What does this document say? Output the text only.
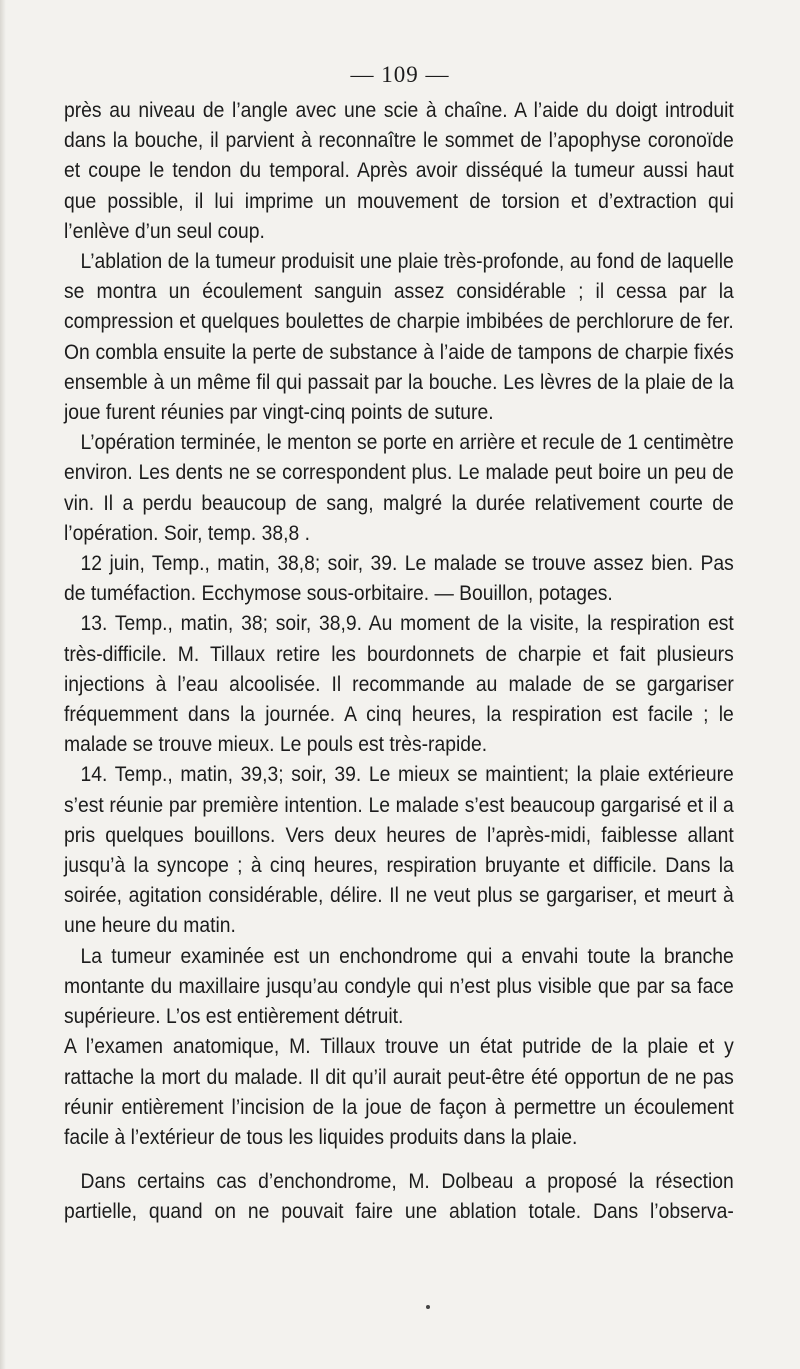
— 109 —

près au niveau de l’angle avec une scie à chaîne. A l’aide du doigt introduit dans la bouche, il parvient à reconnaître le sommet de l’apophyse coronoïde et coupe le tendon du temporal. Après avoir disséqué la tumeur aussi haut que possible, il lui imprime un mouvement de torsion et d’extraction qui l’enlève d’un seul coup.

L’ablation de la tumeur produisit une plaie très-profonde, au fond de laquelle se montra un écoulement sanguin assez considérable ; il cessa par la compression et quelques boulettes de charpie imbibées de perchlorure de fer. On combla ensuite la perte de substance à l’aide de tampons de charpie fixés ensemble à un même fil qui passait par la bouche. Les lèvres de la plaie de la joue furent réunies par vingt-cinq points de suture.

L’opération terminée, le menton se porte en arrière et recule de 1 centimètre environ. Les dents ne se correspondent plus. Le malade peut boire un peu de vin. Il a perdu beaucoup de sang, malgré la durée relativement courte de l’opération. Soir, temp. 38,8 .

12 juin, Temp., matin, 38,8; soir, 39. Le malade se trouve assez bien. Pas de tuméfaction. Ecchymose sous-orbitaire. — Bouillon, potages.

13. Temp., matin, 38; soir, 38,9. Au moment de la visite, la respiration est très-difficile. M. Tillaux retire les bourdonnets de charpie et fait plusieurs injections à l’eau alcoolisée. Il recommande au malade de se gargariser fréquemment dans la journée. A cinq heures, la respiration est facile ; le malade se trouve mieux. Le pouls est très-rapide.

14. Temp., matin, 39,3; soir, 39. Le mieux se maintient; la plaie extérieure s’est réunie par première intention. Le malade s’est beaucoup gargarisé et il a pris quelques bouillons. Vers deux heures de l’après-midi, faiblesse allant jusqu’à la syncope ; à cinq heures, respiration bruyante et difficile. Dans la soirée, agitation considérable, délire. Il ne veut plus se gargariser, et meurt à une heure du matin.

La tumeur examinée est un enchondrome qui a envahi toute la branche montante du maxillaire jusqu’au condyle qui n’est plus visible que par sa face supérieure. L’os est entièrement détruit.

A l’examen anatomique, M. Tillaux trouve un état putride de la plaie et y rattache la mort du malade. Il dit qu’il aurait peut-être été opportun de ne pas réunir entièrement l’incision de la joue de façon à permettre un écoulement facile à l’extérieur de tous les liquides produits dans la plaie.

Dans certains cas d’enchondrome, M. Dolbeau a proposé la résection partielle, quand on ne pouvait faire une ablation totale. Dans l’observa-
